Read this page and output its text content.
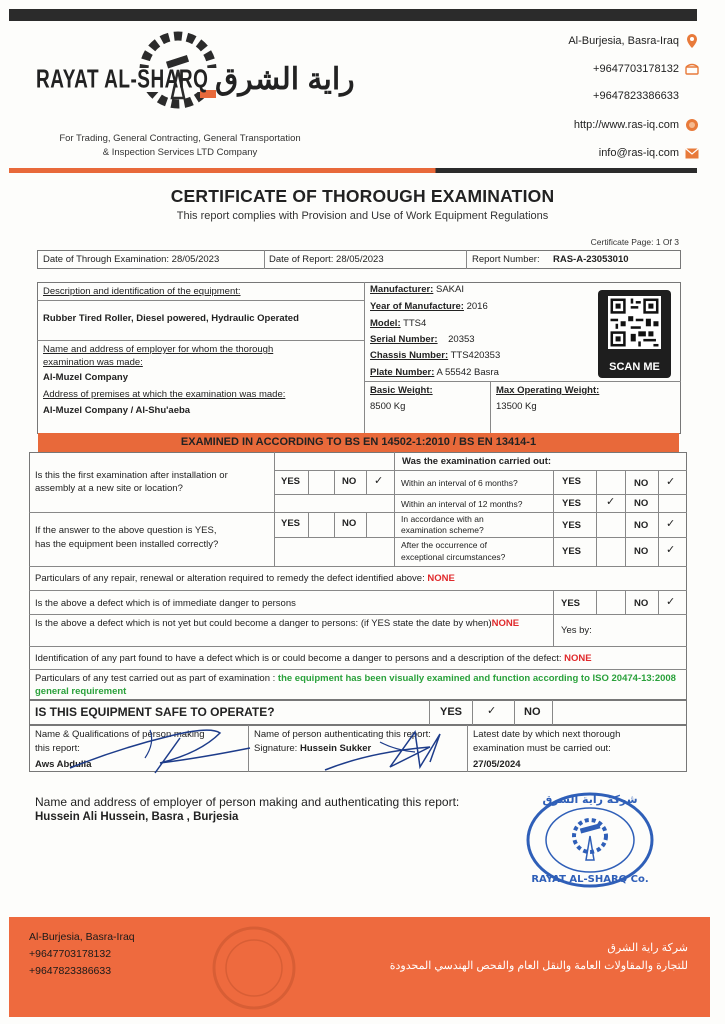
RAYAT AL-SHARQ راية الشرق
For Trading, General Contracting, General Transportation
& Inspection Services LTD Company
Al-Burjesia, Basra-Iraq
+9647703178132
+9647823386633
http://www.ras-iq.com
info@ras-iq.com
CERTIFICATE OF THOROUGH EXAMINATION
This report complies with Provision and Use of Work Equipment Regulations
Certificate Page: 1 Of 3
Date of Through Examination: 28/05/2023	Date of Report: 28/05/2023	Report Number: RAS-A-23053010
Description and identification of the equipment:
Rubber Tired Roller, Diesel powered, Hydraulic Operated
Name and address of employer for whom the thorough
examination was made:
Al-Muzel Company
Address of premises at which the examination was made:
Al-Muzel Company / Al-Shu'aeba
Manufacturer: SAKAI
Year of Manufacture: 2016
Model: TTS4
Serial Number: 20353
Chassis Number: TTS420353
Plate Number: A 55542 Basra
Basic Weight:
8500 Kg
Max Operating Weight:
13500 Kg
SCAN ME
EXAMINED IN ACCORDING TO BS EN 14502-1:2010 / BS EN 13414-1
Is this the first examination after installation or assembly at a new site or location?
YES	NO ✓
If the answer to the above question is YES,
has the equipment been installed correctly?
YES	NO
Was the examination carried out:
Within an interval of 6 months?	YES	NO ✓
Within an interval of 12 months?	YES ✓ NO
In accordance with an
examination scheme?	YES	NO ✓
After the occurrence of
exceptional circumstances?	YES	NO ✓
Particulars of any repair, renewal or alteration required to remedy the defect identified above: NONE
Is the above a defect which is of immediate danger to persons	YES	NO ✓
Is the above a defect which is not yet but could become a danger to persons: (if YES state the date by when)NONE
Yes by:
Identification of any part found to have a defect which is or could become a danger to persons and a description of the defect: NONE
Particulars of any test carried out as part of examination : the equipment has been visually examined and function according to ISO 20474-13:2008 general requirement
IS THIS EQUIPMENT SAFE TO OPERATE?	YES ✓	NO
Name & Qualifications of person making
this report:
Aws Abdulla
Name of person authenticating this report:
Signature: Hussein Sukker
Latest date by which next thorough
examination must be carried out:
27/05/2024
Name and address of employer of person making and authenticating this report:
Hussein Ali Hussein, Basra , Burjesia
شركة راية الشرق
RAYAT AL-SHARQ Co.
Al-Burjesia, Basra-Iraq
+9647703178132
+9647823386633
شركة راية الشرق
للتجارة والمقاولات العامة والنقل العام والفحص الهندسي المحدودة
